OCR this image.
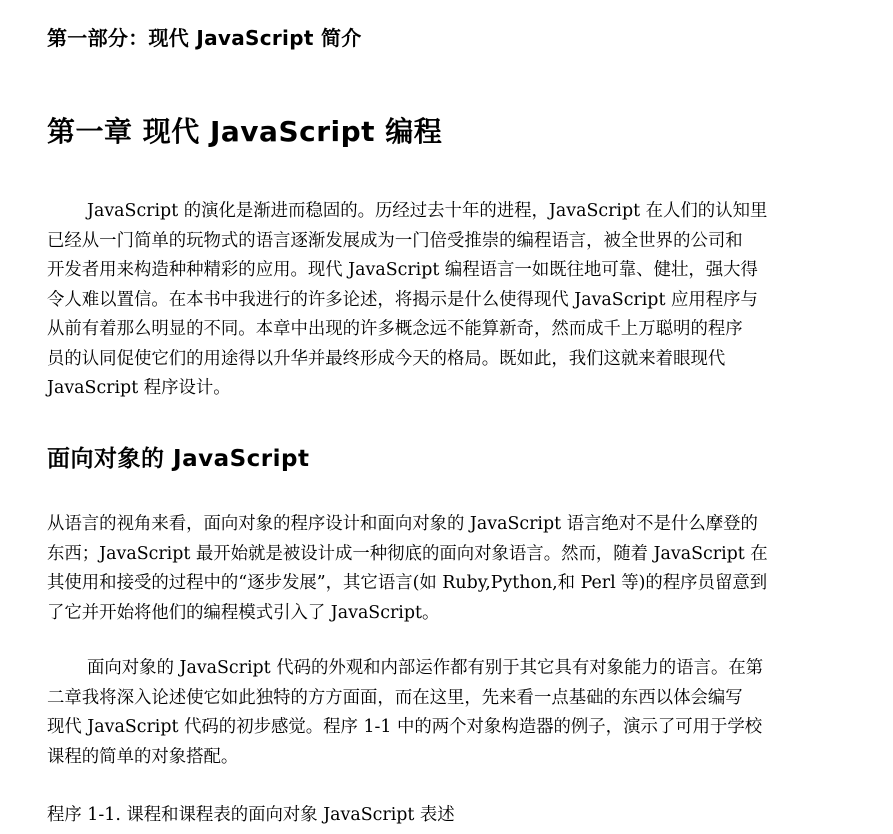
第一部分：现代 JavaScript 简介
第一章 现代 JavaScript 编程
JavaScript 的演化是渐进而稳固的。历经过去十年的进程，JavaScript 在人们的认知里
已经从一门简单的玩物式的语言逐渐发展成为一门倍受推崇的编程语言，被全世界的公司和
开发者用来构造种种精彩的应用。现代 JavaScript 编程语言一如既往地可靠、健壮，强大得
令人难以置信。在本书中我进行的许多论述，将揭示是什么使得现代 JavaScript 应用程序与
从前有着那么明显的不同。本章中出现的许多概念远不能算新奇，然而成千上万聪明的程序
员的认同促使它们的用途得以升华并最终形成今天的格局。既如此，我们这就来着眼现代
JavaScript 程序设计。
面向对象的 JavaScript
从语言的视角来看，面向对象的程序设计和面向对象的 JavaScript 语言绝对不是什么摩登的
东西；JavaScript 最开始就是被设计成一种彻底的面向对象语言。然而，随着 JavaScript 在
其使用和接受的过程中的“逐步发展”，其它语言(如 Ruby,Python,和 Perl 等)的程序员留意到
了它并开始将他们的编程模式引入了 JavaScript。
面向对象的 JavaScript 代码的外观和内部运作都有别于其它具有对象能力的语言。在第
二章我将深入论述使它如此独特的方方面面，而在这里，先来看一点基础的东西以体会编写
现代 JavaScript 代码的初步感觉。程序 1-1 中的两个对象构造器的例子，演示了可用于学校
课程的简单的对象搭配。
程序 1-1. 课程和课程表的面向对象 JavaScript 表述
